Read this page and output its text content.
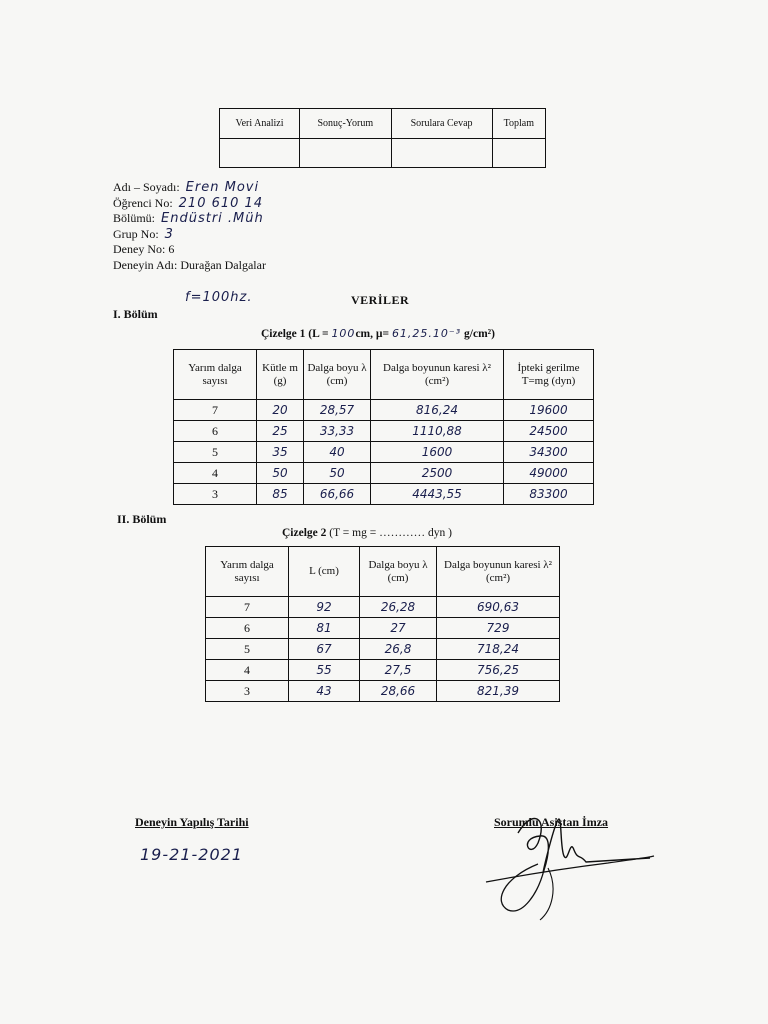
Veri Analizi	Sonuç-Yorum	Sorulara Cevap	Toplam

Adı – Soyadı: Eren Movi
Öğrenci No: 210 610 14
Bölümü: Endüstri .Müh
Grup No: 3
Deney No: 6
Deneyin Adı: Durağan Dalgalar
f=100hz.	VERİLER
I. Bölüm
Çizelge 1 (L = 100cm, µ= 61,25.10⁻³ g/cm²)
Yarım dalga sayısı	Kütle m (g)	Dalga boyu λ (cm)	Dalga boyunun karesi λ² (cm²)	İpteki gerilme T=mg (dyn)
7	20	28,57	816,24	19600
6	25	33,33	1110,88	24500
5	35	40	1600	34300
4	50	50	2500	49000
3	85	66,66	4443,55	83300
II. Bölüm
Çizelge 2 (T = mg = ………… dyn )
Yarım dalga sayısı	L (cm)	Dalga boyu λ (cm)	Dalga boyunun karesi λ² (cm²)
7	92	26,28	690,63
6	81	27	729
5	67	26,8	718,24
4	55	27,5	756,25
3	43	28,66	821,39
Deneyin Yapılış Tarihi	Sorumlu Asistan İmza
19-21-2021
